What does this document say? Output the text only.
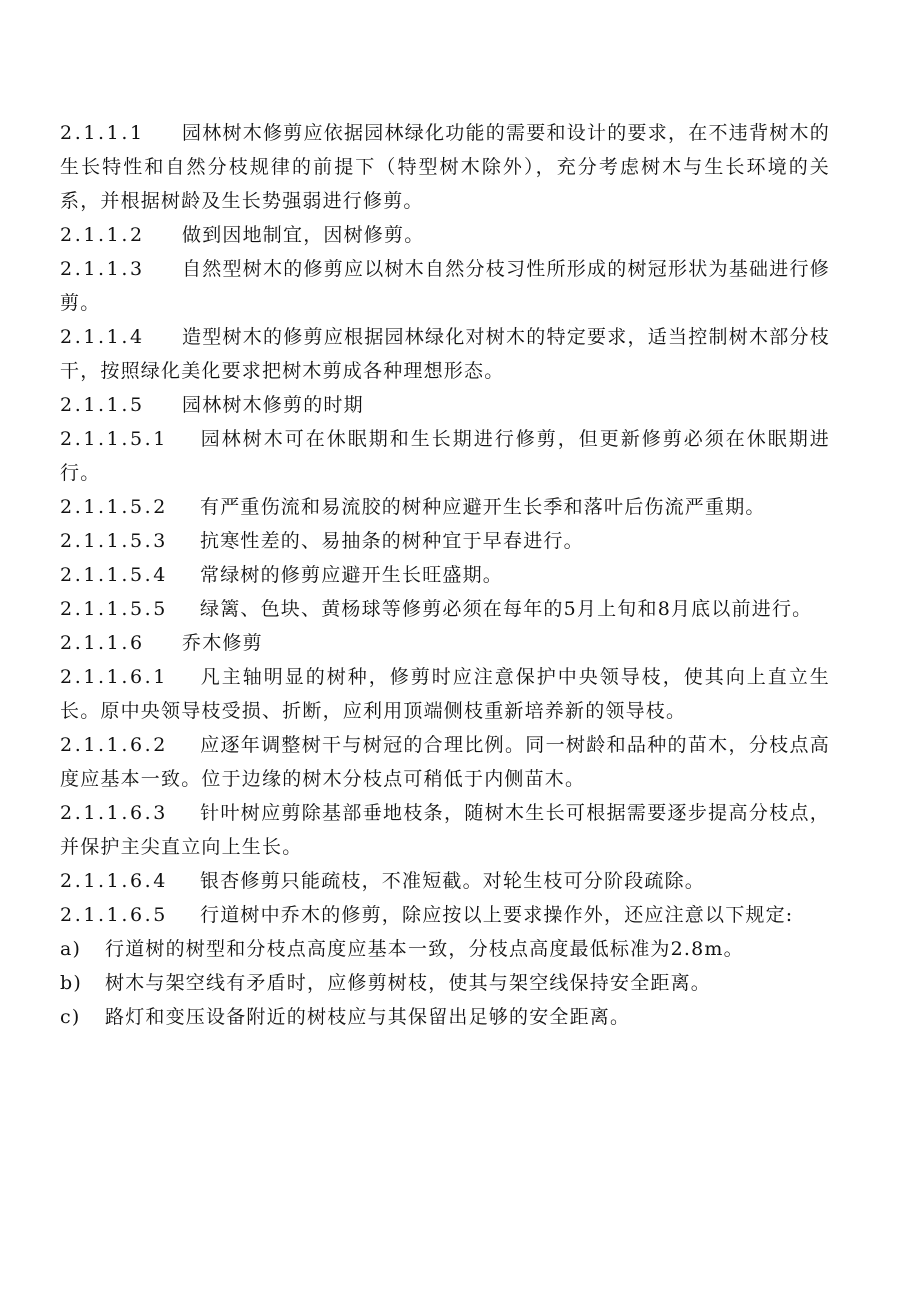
2.1.1.1 园林树木修剪应依据园林绿化功能的需要和设计的要求，在不违背树木的生长特性和自然分枝规律的前提下（特型树木除外），充分考虑树木与生长环境的关系，并根据树龄及生长势强弱进行修剪。

2.1.1.2 做到因地制宜，因树修剪。

2.1.1.3 自然型树木的修剪应以树木自然分枝习性所形成的树冠形状为基础进行修剪。

2.1.1.4 造型树木的修剪应根据园林绿化对树木的特定要求，适当控制树木部分枝干，按照绿化美化要求把树木剪成各种理想形态。

2.1.1.5 园林树木修剪的时期

2.1.1.5.1 园林树木可在休眠期和生长期进行修剪，但更新修剪必须在休眠期进行。

2.1.1.5.2 有严重伤流和易流胶的树种应避开生长季和落叶后伤流严重期。

2.1.1.5.3 抗寒性差的、易抽条的树种宜于早春进行。

2.1.1.5.4 常绿树的修剪应避开生长旺盛期。

2.1.1.5.5 绿篱、色块、黄杨球等修剪必须在每年的5月上旬和8月底以前进行。

2.1.1.6 乔木修剪

2.1.1.6.1 凡主轴明显的树种，修剪时应注意保护中央领导枝，使其向上直立生长。原中央领导枝受损、折断，应利用顶端侧枝重新培养新的领导枝。

2.1.1.6.2 应逐年调整树干与树冠的合理比例。同一树龄和品种的苗木，分枝点高度应基本一致。位于边缘的树木分枝点可稍低于内侧苗木。

2.1.1.6.3 针叶树应剪除基部垂地枝条，随树木生长可根据需要逐步提高分枝点，并保护主尖直立向上生长。

2.1.1.6.4 银杏修剪只能疏枝，不准短截。对轮生枝可分阶段疏除。

2.1.1.6.5 行道树中乔木的修剪，除应按以上要求操作外，还应注意以下规定:

a) 行道树的树型和分枝点高度应基本一致，分枝点高度最低标准为2.8m。

b) 树木与架空线有矛盾时，应修剪树枝，使其与架空线保持安全距离。

c) 路灯和变压设备附近的树枝应与其保留出足够的安全距离。
